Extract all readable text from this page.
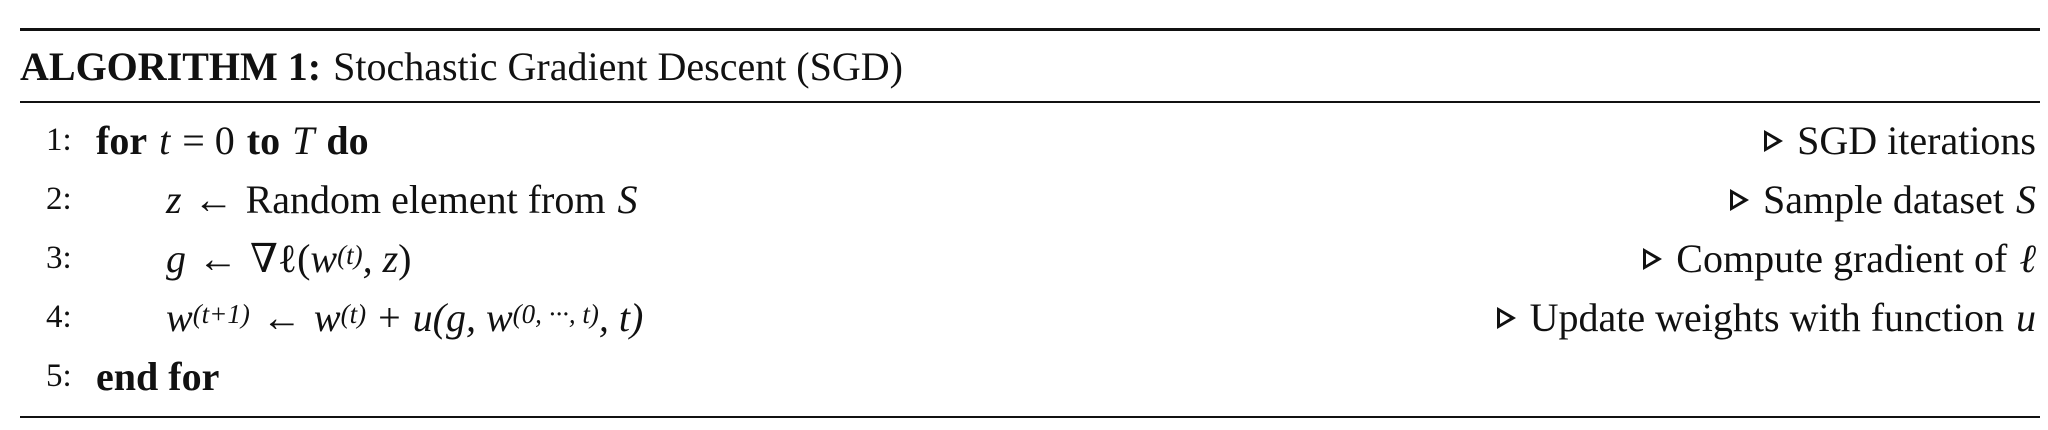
ALGORITHM 1: Stochastic Gradient Descent (SGD)
1: for t = 0 to T do	SGD iterations
2:	z ← Random element from S	Sample dataset S
3:	g ← ∇ℓ( $w^{(t)}$ , z )	Compute gradient of ℓ
4:	$w^{(t+1)}$ ← $w^{(t)} + u(g$, $w^{(0, \cdot\cdot\cdot, t)}$ , t)	Update weights with function u
5: end for
